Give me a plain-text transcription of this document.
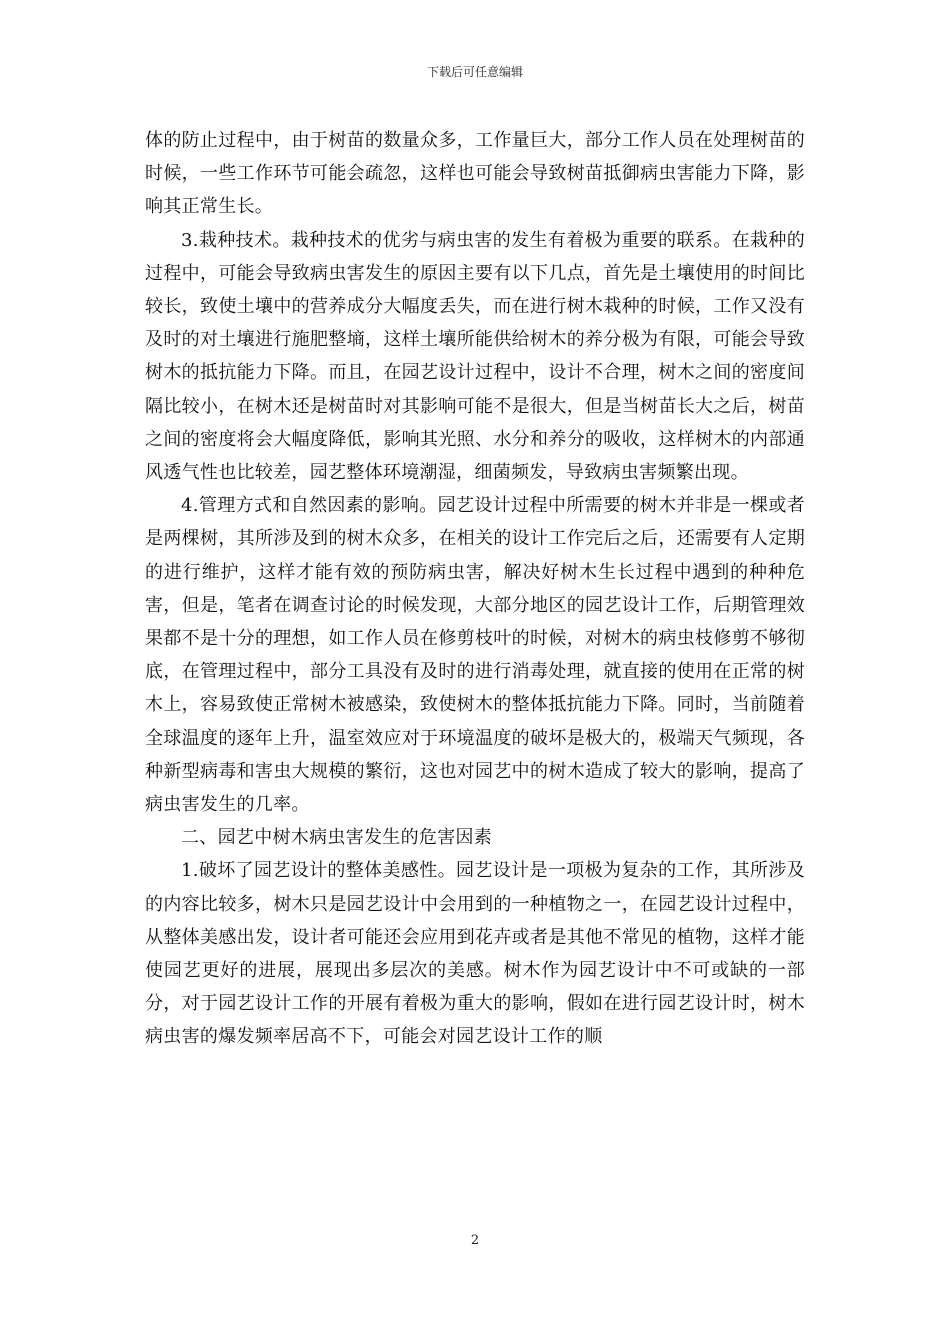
下载后可任意编辑

体的防止过程中，由于树苗的数量众多，工作量巨大，部分工作人员在处理树苗的时候，一些工作环节可能会疏忽，这样也可能会导致树苗抵御病虫害能力下降，影响其正常生长。

3.栽种技术。栽种技术的优劣与病虫害的发生有着极为重要的联系。在栽种的过程中，可能会导致病虫害发生的原因主要有以下几点，首先是土壤使用的时间比较长，致使土壤中的营养成分大幅度丢失，而在进行树木栽种的时候，工作又没有及时的对土壤进行施肥整墒，这样土壤所能供给树木的养分极为有限，可能会导致树木的抵抗能力下降。而且，在园艺设计过程中，设计不合理，树木之间的密度间隔比较小，在树木还是树苗时对其影响可能不是很大，但是当树苗长大之后，树苗之间的密度将会大幅度降低，影响其光照、水分和养分的吸收，这样树木的内部通风透气性也比较差，园艺整体环境潮湿，细菌频发，导致病虫害频繁出现。

4.管理方式和自然因素的影响。园艺设计过程中所需要的树木并非是一棵或者是两棵树，其所涉及到的树木众多，在相关的设计工作完后之后，还需要有人定期的进行维护，这样才能有效的预防病虫害，解决好树木生长过程中遇到的种种危害，但是，笔者在调查讨论的时候发现，大部分地区的园艺设计工作，后期管理效果都不是十分的理想，如工作人员在修剪枝叶的时候，对树木的病虫枝修剪不够彻底，在管理过程中，部分工具没有及时的进行消毒处理，就直接的使用在正常的树木上，容易致使正常树木被感染，致使树木的整体抵抗能力下降。同时，当前随着全球温度的逐年上升，温室效应对于环境温度的破坏是极大的，极端天气频现，各种新型病毒和害虫大规模的繁衍，这也对园艺中的树木造成了较大的影响，提高了病虫害发生的几率。

二、园艺中树木病虫害发生的危害因素

1.破坏了园艺设计的整体美感性。园艺设计是一项极为复杂的工作，其所涉及的内容比较多，树木只是园艺设计中会用到的一种植物之一，在园艺设计过程中，从整体美感出发，设计者可能还会应用到花卉或者是其他不常见的植物，这样才能使园艺更好的进展，展现出多层次的美感。树木作为园艺设计中不可或缺的一部分，对于园艺设计工作的开展有着极为重大的影响，假如在进行园艺设计时，树木病虫害的爆发频率居高不下，可能会对园艺设计工作的顺

2
